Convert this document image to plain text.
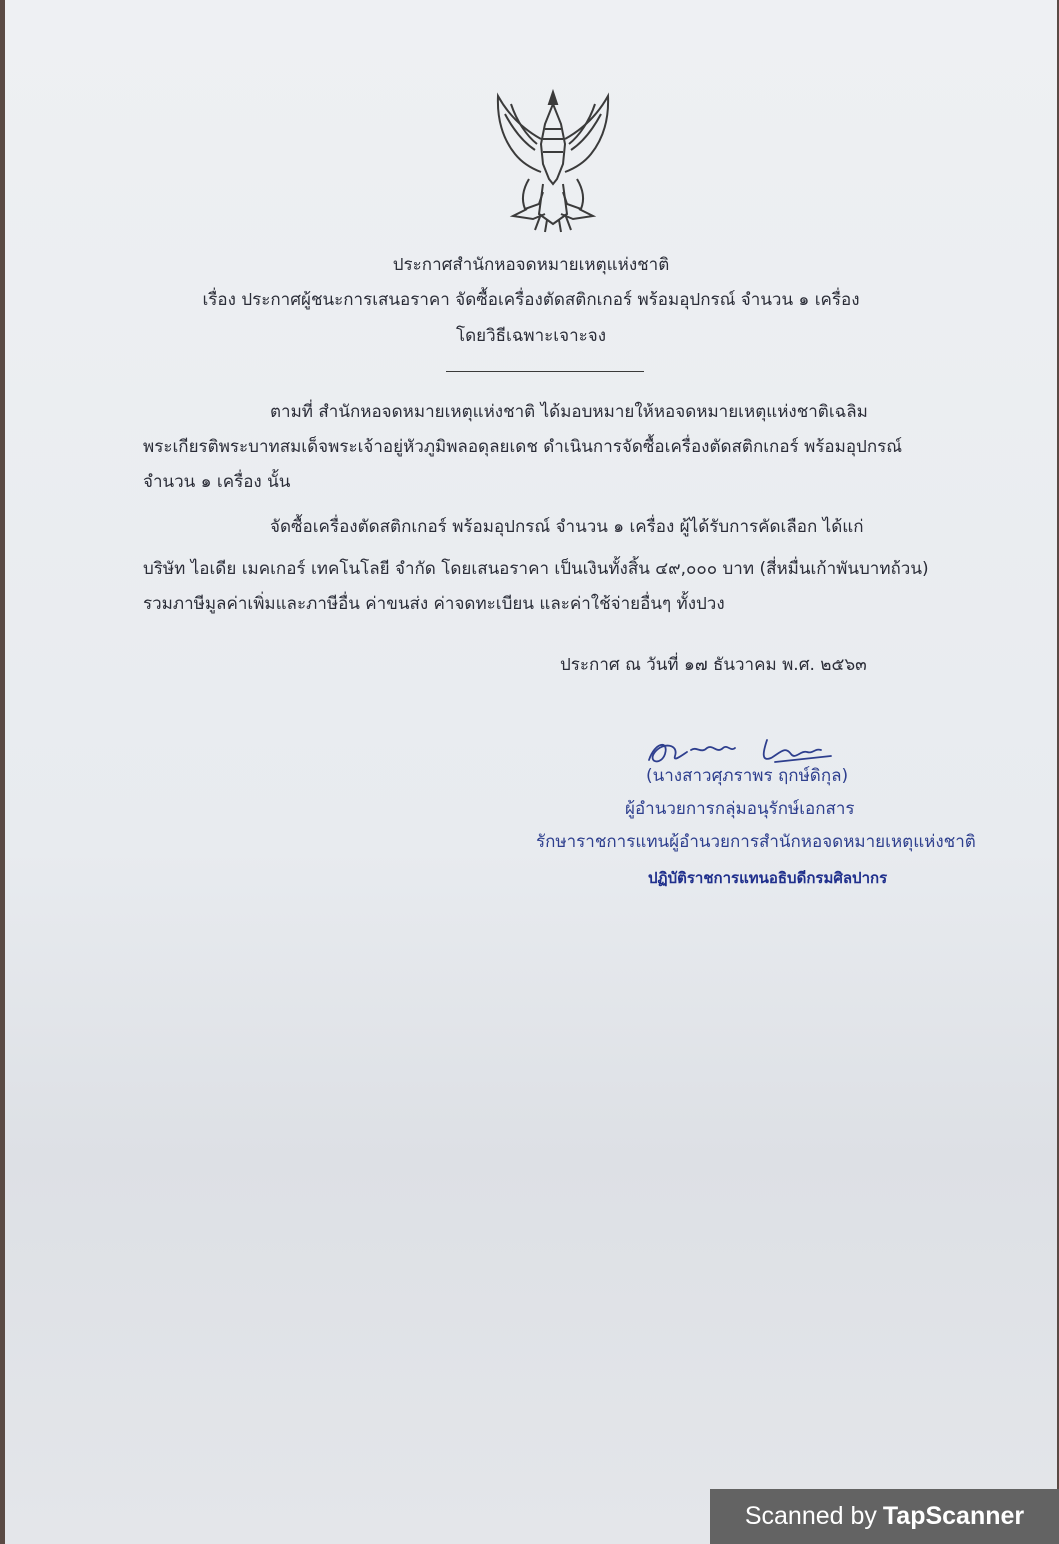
ประกาศสำนักหอจดหมายเหตุแห่งชาติ
เรื่อง ประกาศผู้ชนะการเสนอราคา จัดซื้อเครื่องตัดสติกเกอร์ พร้อมอุปกรณ์ จำนวน ๑ เครื่อง
โดยวิธีเฉพาะเจาะจง
ตามที่ สำนักหอจดหมายเหตุแห่งชาติ ได้มอบหมายให้หอจดหมายเหตุแห่งชาติเฉลิม
พระเกียรติพระบาทสมเด็จพระเจ้าอยู่หัวภูมิพลอดุลยเดช ดำเนินการจัดซื้อเครื่องตัดสติกเกอร์ พร้อมอุปกรณ์
จำนวน ๑ เครื่อง นั้น
จัดซื้อเครื่องตัดสติกเกอร์ พร้อมอุปกรณ์ จำนวน ๑ เครื่อง ผู้ได้รับการคัดเลือก ได้แก่
บริษัท ไอเดีย เมคเกอร์ เทคโนโลยี จำกัด โดยเสนอราคา เป็นเงินทั้งสิ้น ๔๙,๐๐๐ บาท (สี่หมื่นเก้าพันบาทถ้วน)
รวมภาษีมูลค่าเพิ่มและภาษีอื่น ค่าขนส่ง ค่าจดทะเบียน และค่าใช้จ่ายอื่นๆ ทั้งปวง
ประกาศ ณ วันที่ ๑๗ ธันวาคม พ.ศ. ๒๕๖๓
(นางสาวศุภราพร ฤกษ์ดิกุล)
ผู้อำนวยการกลุ่มอนุรักษ์เอกสาร
รักษาราชการแทนผู้อำนวยการสำนักหอจดหมายเหตุแห่งชาติ
ปฏิบัติราชการแทนอธิบดีกรมศิลปากร
Scanned by TapScanner
